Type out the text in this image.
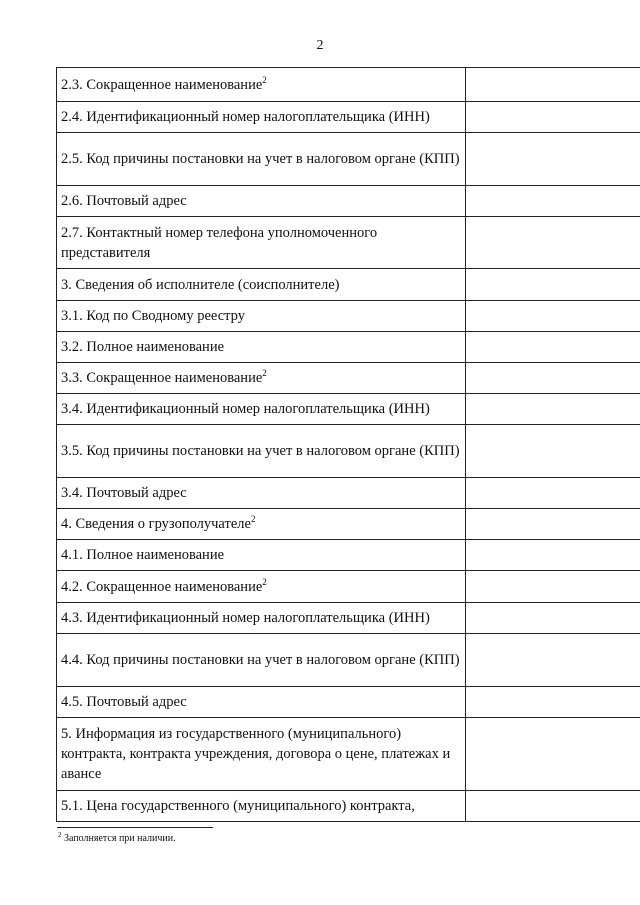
2
2.3. Сокращенное наименование$^2$	
2.4. Идентификационный номер налогоплательщика (ИНН)	
2.5. Код причины постановки на учет в налоговом органе (КПП)	
2.6. Почтовый адрес	
2.7. Контактный номер телефона уполномоченного представителя	
3. Сведения об исполнителе (соисполнителе)	
3.1. Код по Сводному реестру	
3.2. Полное наименование	
3.3. Сокращенное наименование$^2$	
3.4. Идентификационный номер налогоплательщика (ИНН)	
3.5. Код причины постановки на учет в налоговом органе (КПП)	
3.4. Почтовый адрес	
4. Сведения о грузополучателе$^2$	
4.1. Полное наименование	
4.2. Сокращенное наименование$^2$	
4.3. Идентификационный номер налогоплательщика (ИНН)	
4.4. Код причины постановки на учет в налоговом органе (КПП)	
4.5. Почтовый адрес	
5. Информация из государственного (муниципального) контракта, контракта учреждения, договора о цене, платежах и авансе	
5.1. Цена государственного (муниципального) контракта,	
$^2$ Заполняется при наличии.
